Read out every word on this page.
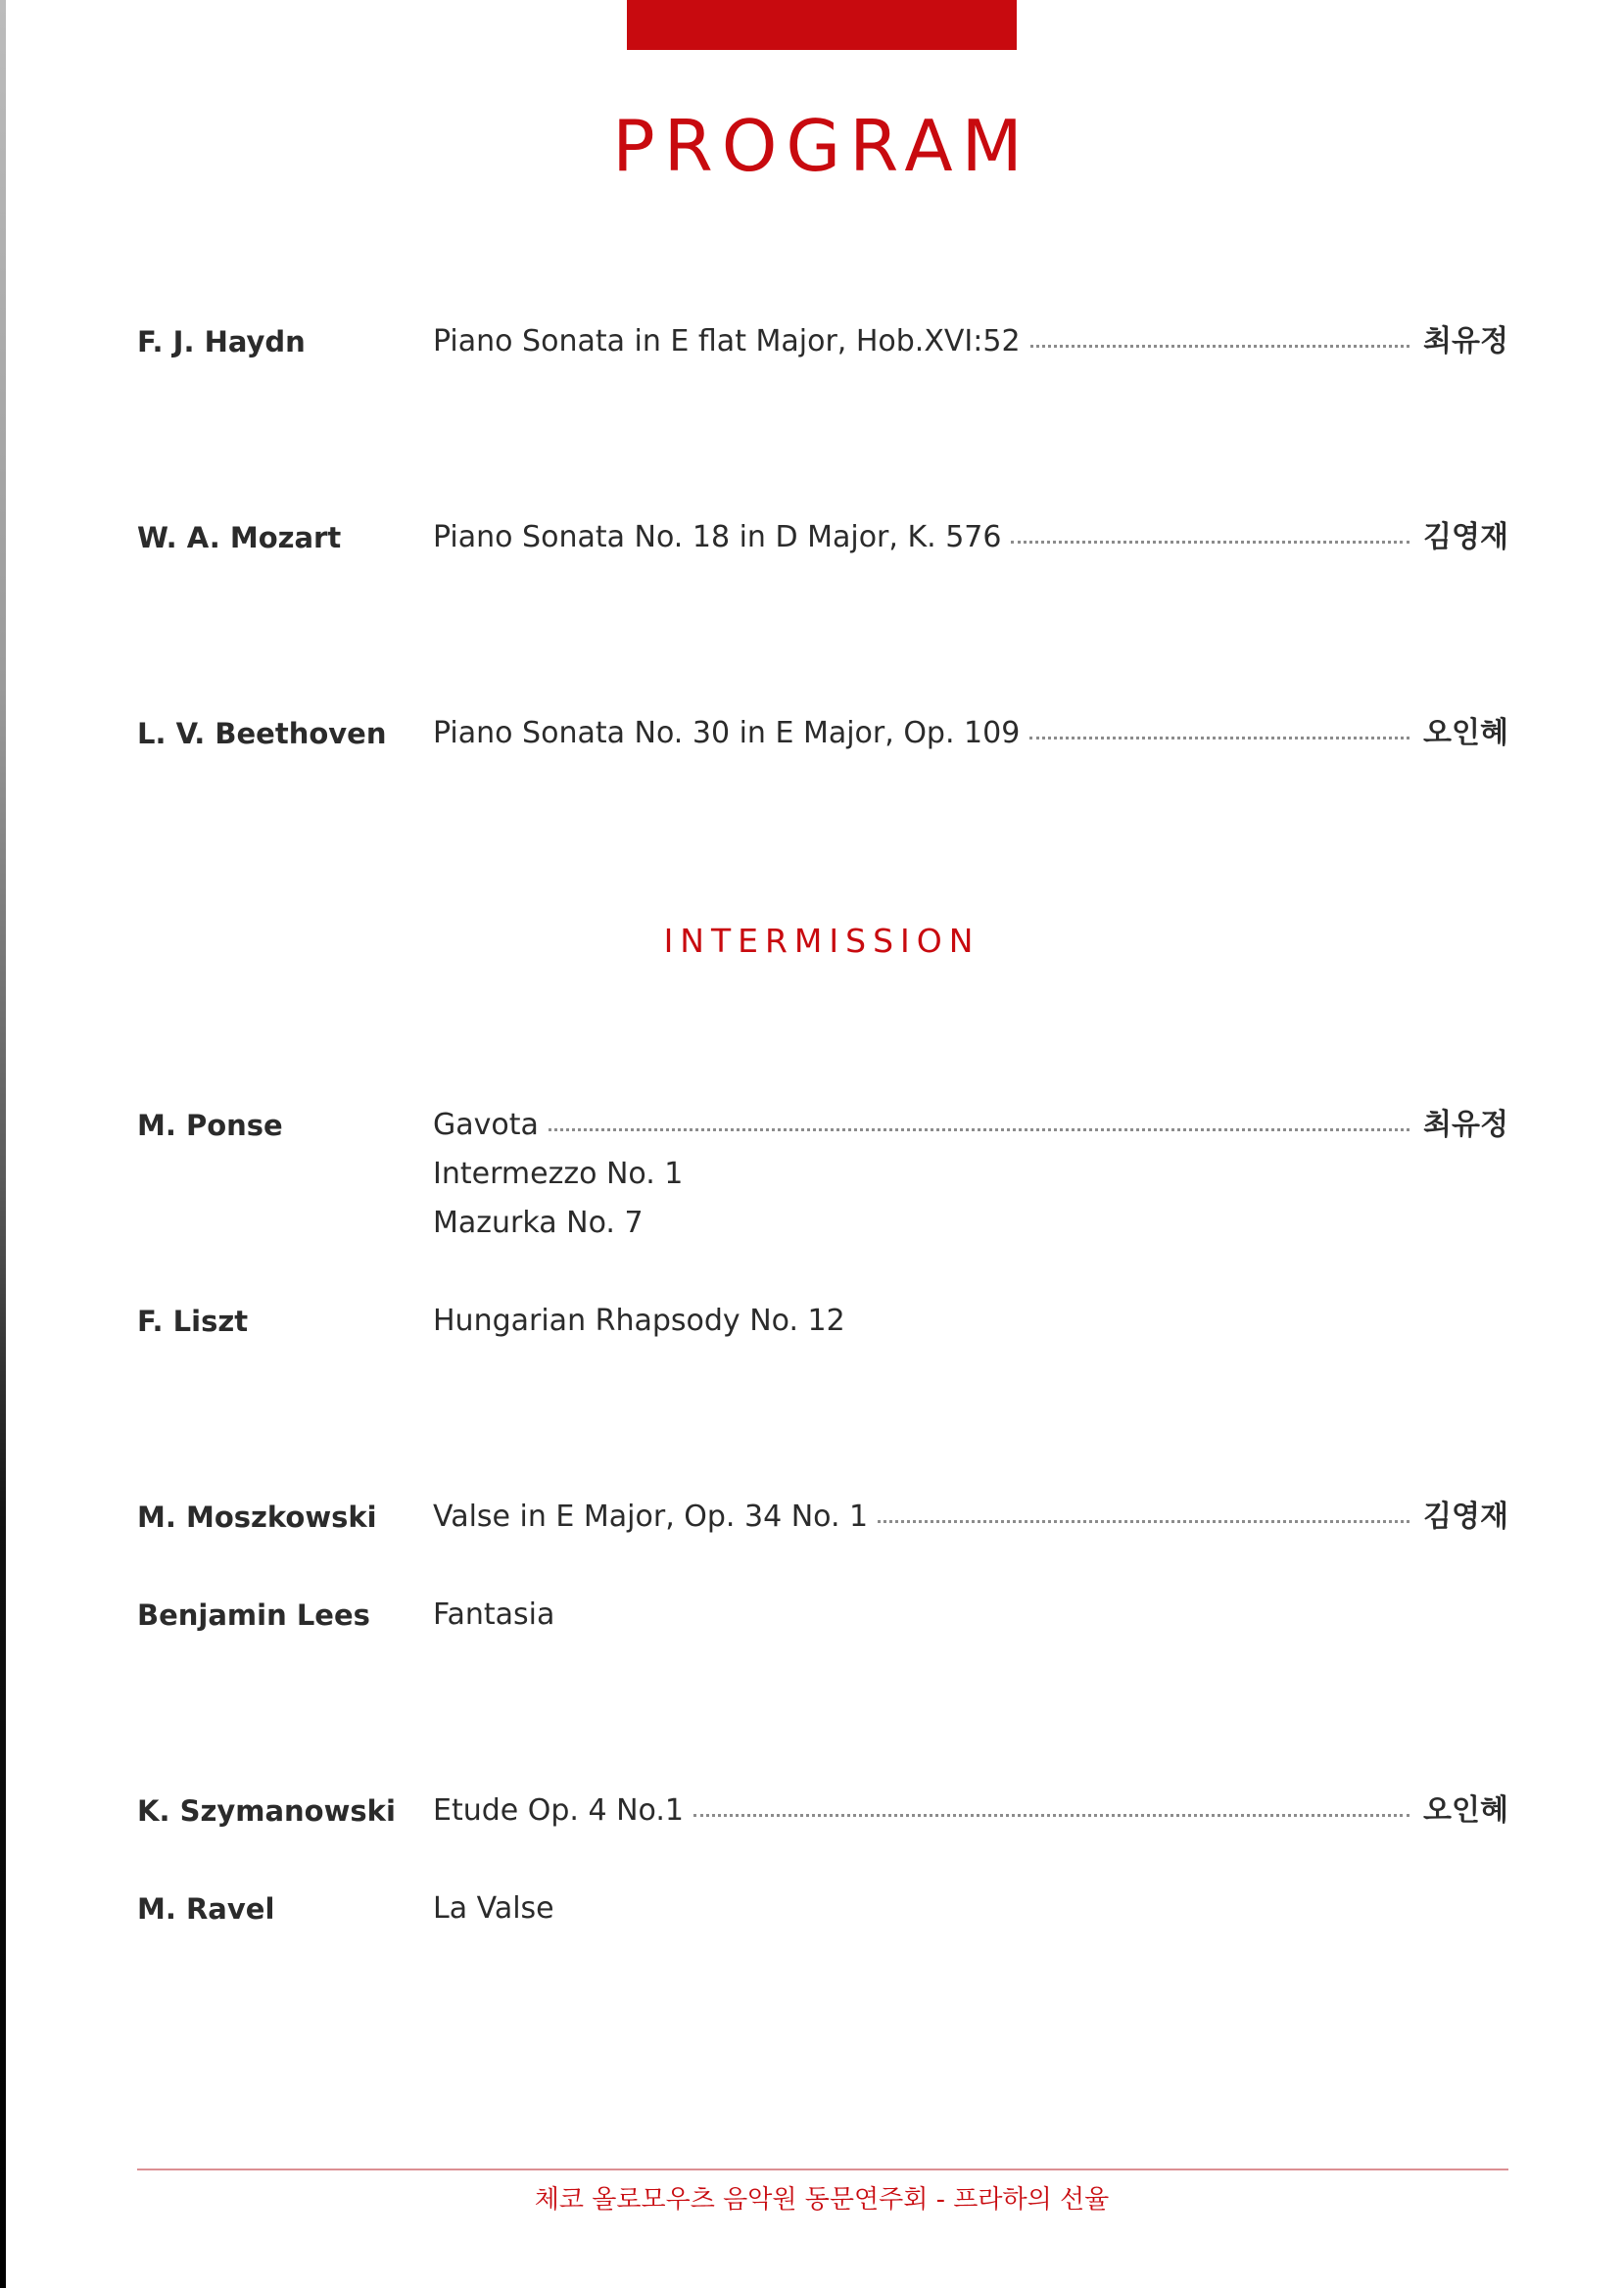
PROGRAM
F. J. Haydn	Piano Sonata in E flat Major, Hob.XVI:52	최유정
W. A. Mozart	Piano Sonata No. 18 in D Major, K. 576	김영재
L. V. Beethoven Piano Sonata No. 30 in E Major, Op. 109	오인혜
INTERMISSION
M. Ponse	Gavota	최유정
Intermezzo No. 1
Mazurka No. 7
F. Liszt	Hungarian Rhapsody No. 12
M. Moszkowski Valse in E Major, Op. 34 No. 1	김영재
Benjamin Lees Fantasia
K. Szymanowski Etude Op. 4 No.1	오인혜
M. Ravel	La Valse
체코 올로모우츠 음악원 동문연주회 - 프라하의 선율
